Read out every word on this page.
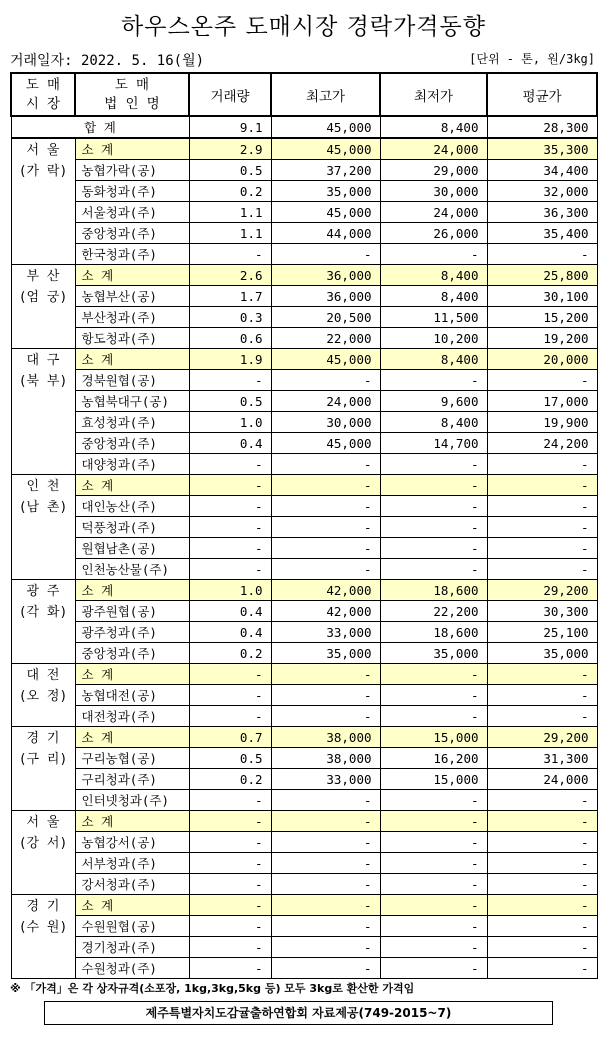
하우스온주 도매시장 경락가격동향
거래일자: 2022. 5. 16(월)	[단위 - 톤, 원/3kg]
도 매
시 장	도 매
법 인 명	거래량	최고가	최저가	평균가
합 계		9.1	45,000	8,400	28,300

서 울
(가 락)	소 계	2.9	45,000	24,000	35,300
	농협가락(공)	0.5	37,200	29,000	34,400
	동화청과(주)	0.2	35,000	30,000	32,000
	서울청과(주)	1.1	45,000	24,000	36,300
	중앙청과(주)	1.1	44,000	26,000	35,400
	한국청과(주)	-	-	-	-

부 산
(엄 궁)	소 계	2.6	36,000	8,400	25,800
	농협부산(공)	1.7	36,000	8,400	30,100
	부산청과(주)	0.3	20,500	11,500	15,200
	항도청과(주)	0.6	22,000	10,200	19,200

대 구
(북 부)	소 계	1.9	45,000	8,400	20,000
	경북원협(공)	-	-	-	-
	농협북대구(공)	0.5	24,000	9,600	17,000
	효성청과(주)	1.0	30,000	8,400	19,900
	중앙청과(주)	0.4	45,000	14,700	24,200
	대양청과(주)	-	-	-	-

인 천
(남 촌)	소 계	-	-	-	-
	대인농산(주)	-	-	-	-
	덕풍청과(주)	-	-	-	-
	원협남촌(공)	-	-	-	-
	인천농산물(주)	-	-	-	-

광 주
(각 화)	소 계	1.0	42,000	18,600	29,200
	광주원협(공)	0.4	42,000	22,200	30,300
	광주청과(주)	0.4	33,000	18,600	25,100
	중앙청과(주)	0.2	35,000	35,000	35,000

대 전
(오 정)	소 계	-	-	-	-
	농협대전(공)	-	-	-	-
	대전청과(주)	-	-	-	-

경 기
(구 리)	소 계	0.7	38,000	15,000	29,200
	구리농협(공)	0.5	38,000	16,200	31,300
	구리청과(주)	0.2	33,000	15,000	24,000
	인터넷청과(주)	-	-	-	-

서 울
(강 서)	소 계	-	-	-	-
	농협강서(공)	-	-	-	-
	서부청과(주)	-	-	-	-
	강서청과(주)	-	-	-	-

경 기
(수 원)	소 계	-	-	-	-
	수원원협(공)	-	-	-	-
	경기청과(주)	-	-	-	-
	수원청과(주)	-	-	-	-
※ 「가격」은 각 상자규격(소포장, 1kg,3kg,5kg 등) 모두 3kg로 환산한 가격임
제주특별자치도감귤출하연합회 자료제공(749-2015~7)
